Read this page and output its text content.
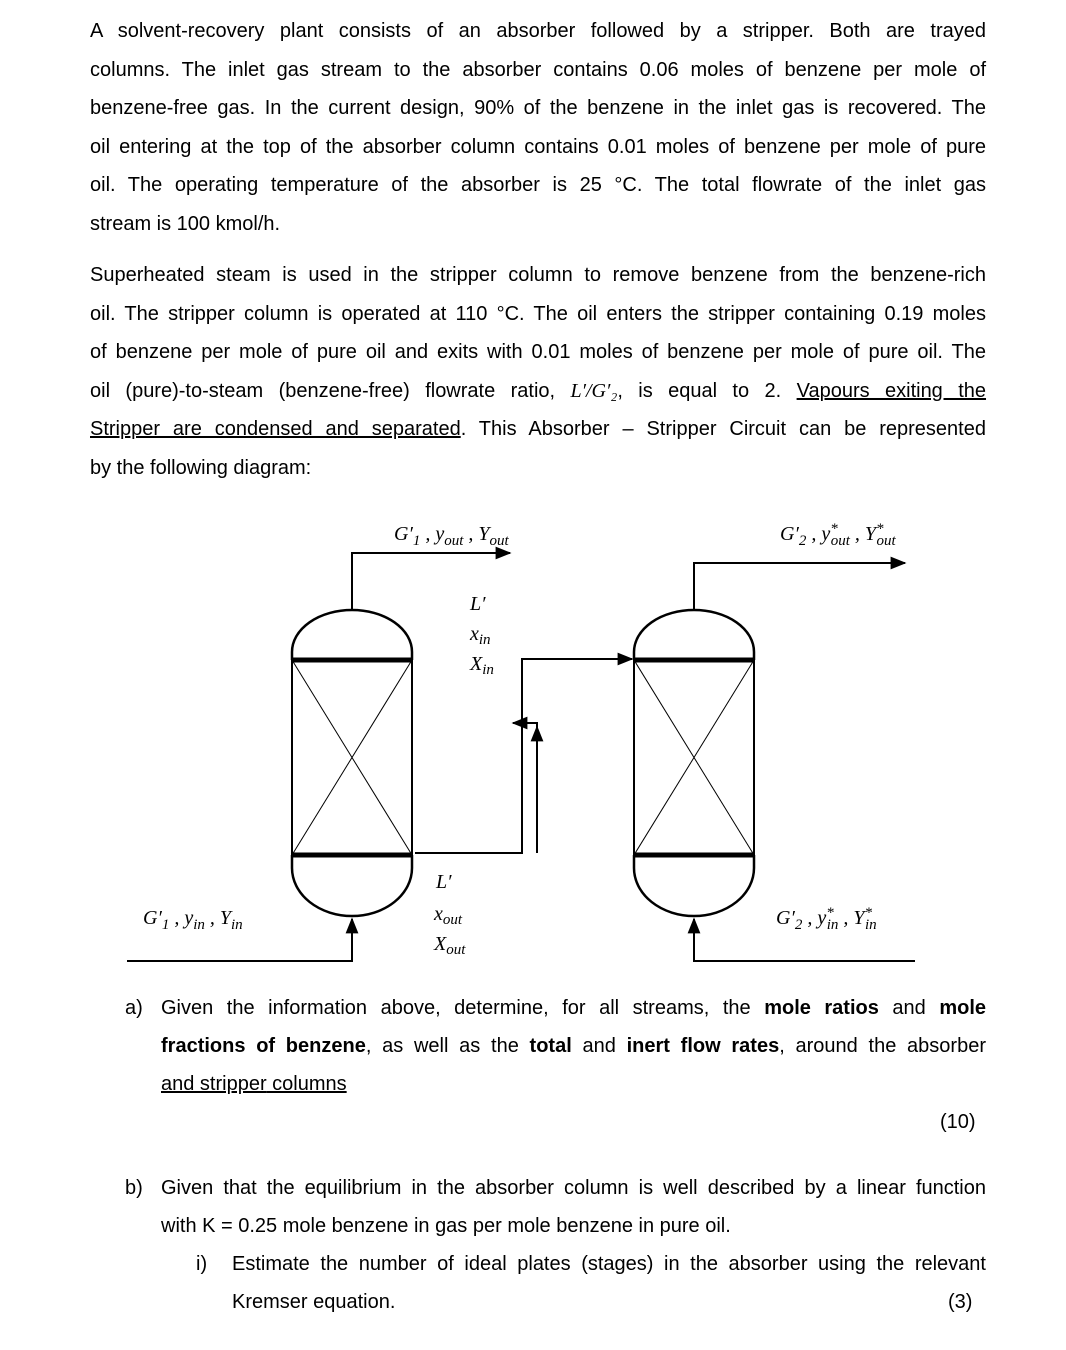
A solvent-recovery plant consists of an absorber followed by a stripper. Both are trayed
columns. The inlet gas stream to the absorber contains 0.06 moles of benzene per mole of
benzene-free gas. In the current design, 90% of the benzene in the inlet gas is recovered. The
oil entering at the top of the absorber column contains 0.01 moles of benzene per mole of pure
oil. The operating temperature of the absorber is 25 °C. The total flowrate of the inlet gas
stream is 100 kmol/h.
Superheated steam is used in the stripper column to remove benzene from the benzene-rich
oil. The stripper column is operated at 110 °C. The oil enters the stripper containing 0.19 moles
of benzene per mole of pure oil and exits with 0.01 moles of benzene per mole of pure oil. The
oil (pure)-to-steam (benzene-free) flowrate ratio, L′/G′₂, is equal to 2. Vapours exiting the
Stripper are condensed and separated. This Absorber – Stripper Circuit can be represented
by the following diagram:
$G'_1$ , $y_{out}$ , $Y_{out}$	$G'_2$ , y* out , Y* out
L′
$x_{in}$
$X_{in}$
L′
$x_{out}$
$X_{out}$
$G'_1$ , $y_{in}$ , $Y_{in}$	$G'_2$ , y* in , Y* in
a) Given the information above, determine, for all streams, the mole ratios and mole
fractions of benzene, as well as the total and inert flow rates, around the absorber
and stripper columns
(10)
b) Given that the equilibrium in the absorber column is well described by a linear function
with K = 0.25 mole benzene in gas per mole benzene in pure oil.
i) Estimate the number of ideal plates (stages) in the absorber using the relevant
Kremser equation.	(3)
